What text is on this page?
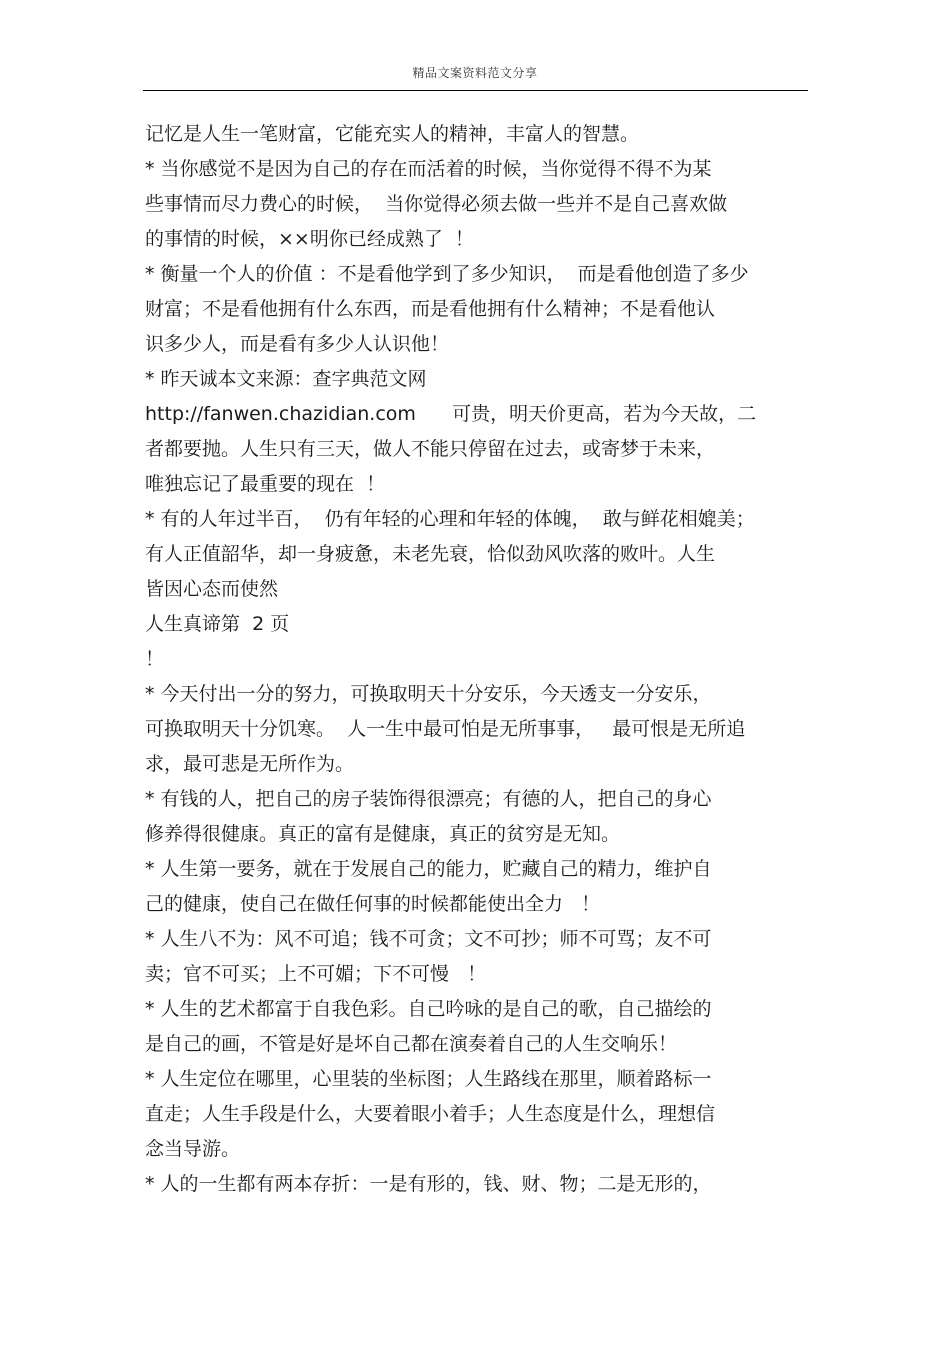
精品文案资料范文分享
记忆是人生一笔财富，它能充实人的精神，丰富人的智慧。
* 当你感觉不是因为自己的存在而活着的时候，当你觉得不得不为某
些事情而尽力费心的时候，  当你觉得必须去做一些并不是自己喜欢做
的事情的时候，××明你已经成熟了  ！
* 衡量一个人的价值 ：不是看他学到了多少知识，  而是看他创造了多少
财富；不是看他拥有什么东西，而是看他拥有什么精神；不是看他认
识多少人，而是看有多少人认识他！
* 昨天诚本文来源：查字典范文网
http://fanwen.chazidian.com      可贵，明天价更高，若为今天故，二
者都要抛。人生只有三天，做人不能只停留在过去，或寄梦于未来，
唯独忘记了最重要的现在  ！
* 有的人年过半百，  仍有年轻的心理和年轻的体魄，  敢与鲜花相媲美；
有人正值韶华，却一身疲惫，未老先衰，恰似劲风吹落的败叶。人生
皆因心态而使然
人生真谛第  2 页
！
* 今天付出一分的努力，可换取明天十分安乐，今天透支一分安乐，
可换取明天十分饥寒。  人一生中最可怕是无所事事，   最可恨是无所追
求，最可悲是无所作为。
* 有钱的人，把自己的房子装饰得很漂亮；有德的人，把自己的身心
修养得很健康。真正的富有是健康，真正的贫穷是无知。
* 人生第一要务，就在于发展自己的能力，贮藏自己的精力，维护自
己的健康，使自己在做任何事的时候都能使出全力   ！
* 人生八不为：风不可追；钱不可贪；文不可抄；师不可骂；友不可
卖；官不可买；上不可媚；下不可慢   ！
* 人生的艺术都富于自我色彩。自己吟咏的是自己的歌，自己描绘的
是自己的画，不管是好是坏自己都在演奏着自己的人生交响乐！
* 人生定位在哪里，心里装的坐标图；人生路线在那里，顺着路标一
直走；人生手段是什么，大要着眼小着手；人生态度是什么，理想信
念当导游。
* 人的一生都有两本存折：一是有形的，钱、财、物；二是无形的，
